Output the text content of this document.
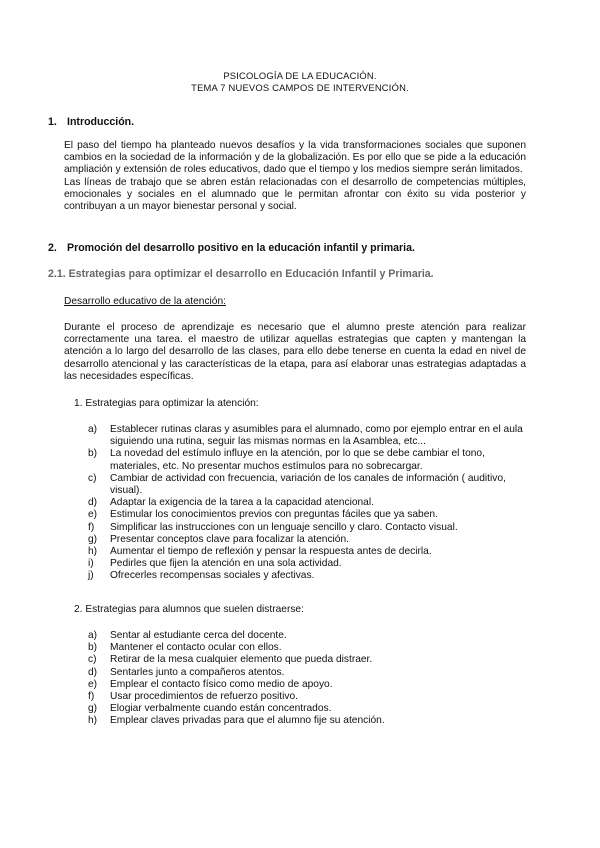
PSICOLOGÍA DE LA EDUCACIÓN.
TEMA 7 NUEVOS CAMPOS DE INTERVENCIÓN.
1. Introducción.
El paso del tiempo ha planteado nuevos desafíos y la vida transformaciones sociales que suponen cambios en la sociedad de la información y de la globalización. Es por ello que se pide a la educación ampliación y extensión de roles educativos, dado que el tiempo y los medios siempre serán limitados.
Las líneas de trabajo que se abren están relacionadas con el desarrollo de competencias múltiples, emocionales y sociales en el alumnado que le permitan afrontar con éxito su vida posterior y contribuyan a un mayor bienestar personal y social.
2. Promoción del desarrollo positivo en la educación infantil y primaria.
2.1. Estrategias para optimizar el desarrollo en Educación Infantil y Primaria.
Desarrollo educativo de la atención:
Durante el proceso de aprendizaje es necesario que el alumno preste atención para realizar correctamente una tarea. el maestro de utilizar aquellas estrategias que capten y mantengan la atención a lo largo del desarrollo de las clases, para ello debe tenerse en cuenta la edad en nivel de desarrollo atencional y las características de la etapa, para así elaborar unas estrategias adaptadas a las necesidades específicas.
1. Estrategias para optimizar la atención:
a) Establecer rutinas claras y asumibles para el alumnado, como por ejemplo entrar en el aula siguiendo una rutina, seguir las mismas normas en la Asamblea, etc...
b) La novedad del estímulo influye en la atención, por lo que se debe cambiar el tono, materiales, etc. No presentar muchos estímulos para no sobrecargar.
c) Cambiar de actividad con frecuencia, variación de los canales de información ( auditivo, visual).
d) Adaptar la exigencia de la tarea a la capacidad atencional.
e) Estimular los conocimientos previos con preguntas fáciles que ya saben.
f) Simplificar las instrucciones con un lenguaje sencillo y claro. Contacto visual.
g) Presentar conceptos clave para focalizar la atención.
h) Aumentar el tiempo de reflexión y pensar la respuesta antes de decirla.
i) Pedirles que fijen la atención en una sola actividad.
j) Ofrecerles recompensas sociales y afectivas.
2. Estrategias para alumnos que suelen distraerse:
a) Sentar al estudiante cerca del docente.
b) Mantener el contacto ocular con ellos.
c) Retirar de la mesa cualquier elemento que pueda distraer.
d) Sentarles junto a compañeros atentos.
e) Emplear el contacto físico como medio de apoyo.
f) Usar procedimientos de refuerzo positivo.
g) Elogiar verbalmente cuando están concentrados.
h) Emplear claves privadas para que el alumno fije su atención.
